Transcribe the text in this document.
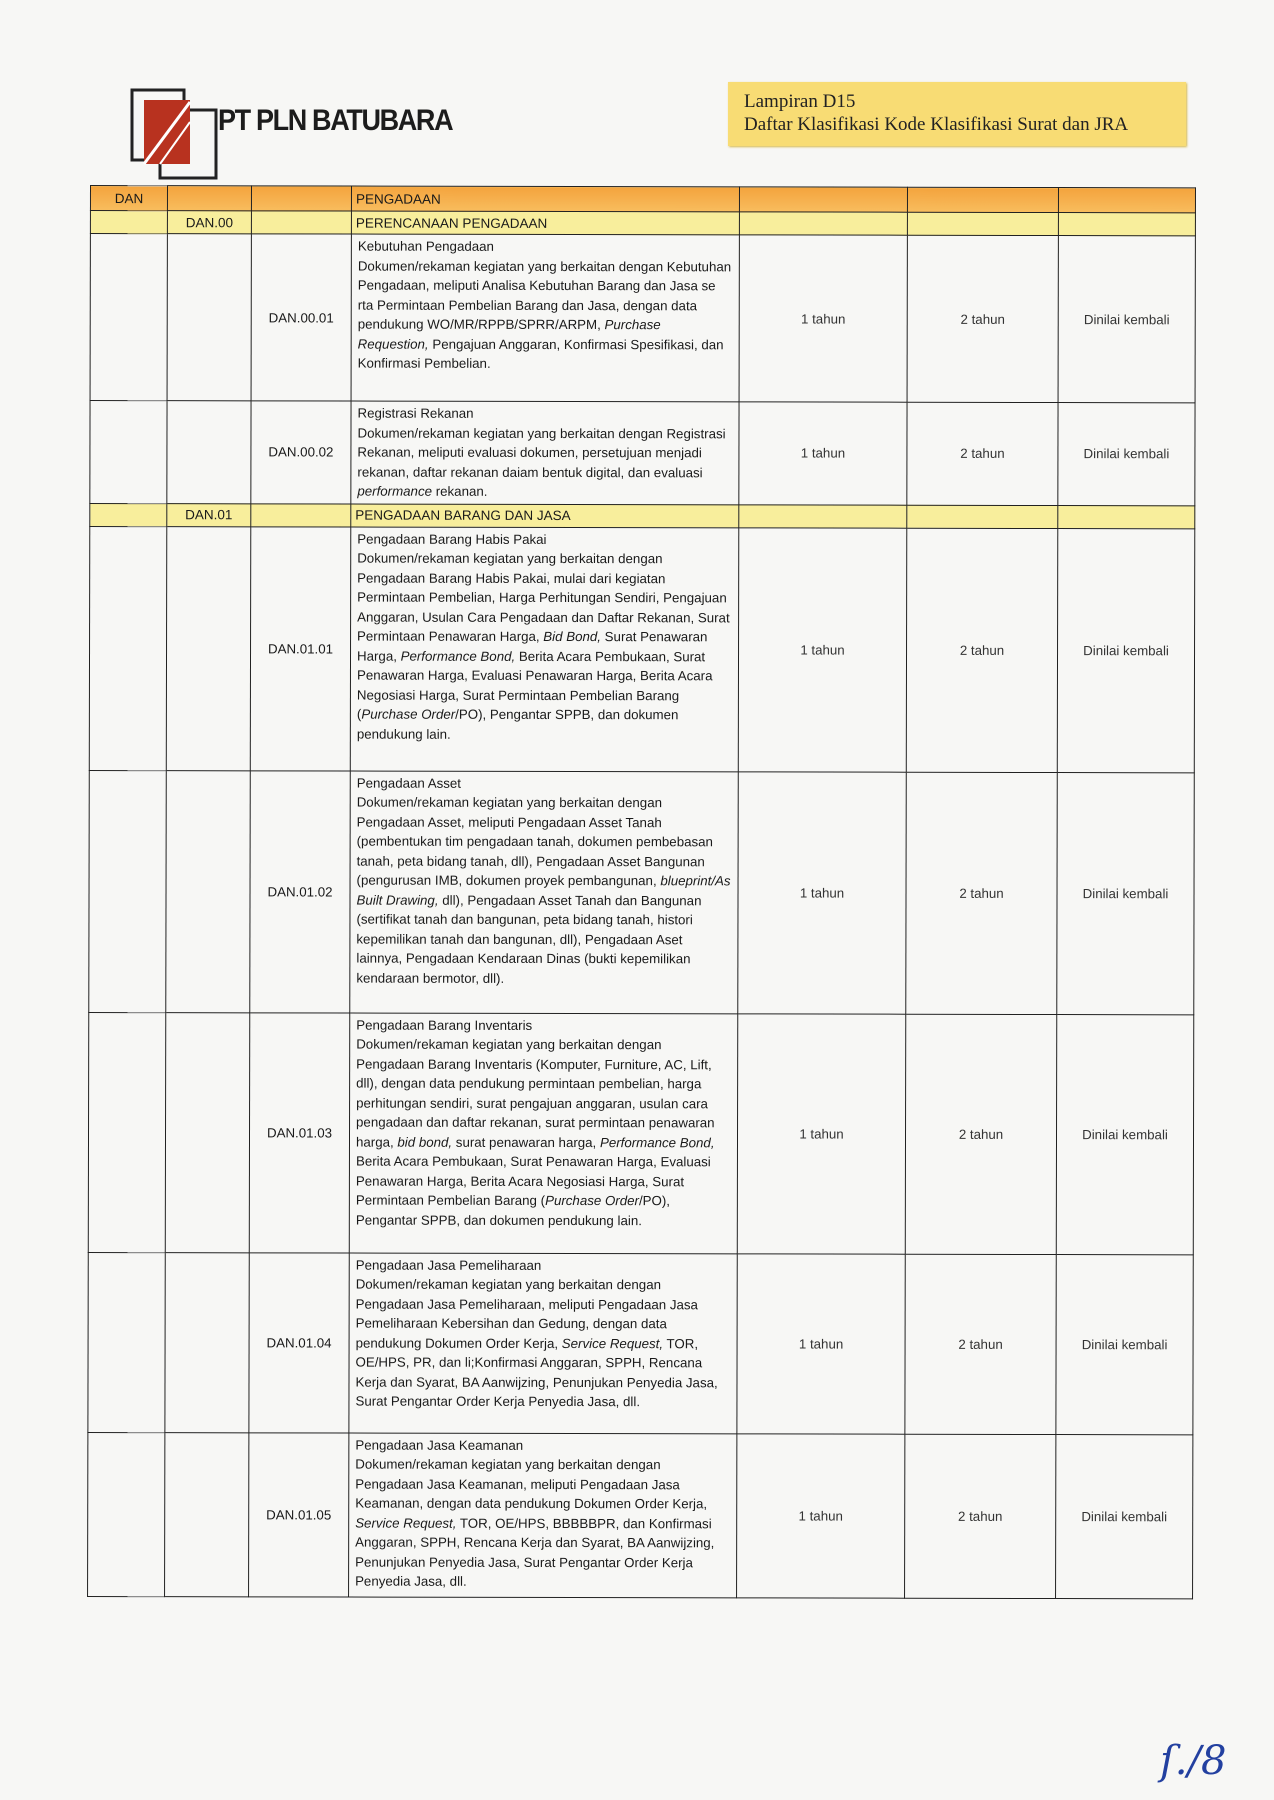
PT PLN BATUBARA
Lampiran D15
Daftar Klasifikasi Kode Klasifikasi Surat dan JRA
DAN			PENGADAAN			
	DAN.00		PERENCANAAN PENGADAAN			
		DAN.00.01	Kebutuhan Pengadaan
Dokumen/rekaman kegiatan yang berkaitan dengan Kebutuhan Pengadaan, meliputi Analisa Kebutuhan Barang dan Jasa se rta Permintaan Pembelian Barang dan Jasa, dengan data pendukung WO/MR/RPPB/SPRR/ARPM, Purchase Requestion, Pengajuan Anggaran, Konfirmasi Spesifikasi, dan Konfirmasi Pembelian.	1 tahun	2 tahun	Dinilai kembali
		DAN.00.02	Registrasi Rekanan
Dokumen/rekaman kegiatan yang berkaitan dengan Registrasi Rekanan, meliputi evaluasi dokumen, persetujuan menjadi rekanan, daftar rekanan daiam bentuk digital, dan evaluasi performance rekanan.	1 tahun	2 tahun	Dinilai kembali
	DAN.01		PENGADAAN BARANG DAN JASA			
		DAN.01.01	Pengadaan Barang Habis Pakai
Dokumen/rekaman kegiatan yang berkaitan dengan Pengadaan Barang Habis Pakai, mulai dari kegiatan Permintaan Pembelian, Harga Perhitungan Sendiri, Pengajuan Anggaran, Usulan Cara Pengadaan dan Daftar Rekanan, Surat Permintaan Penawaran Harga, Bid Bond, Surat Penawaran Harga, Performance Bond, Berita Acara Pembukaan, Surat Penawaran Harga, Evaluasi Penawaran Harga, Berita Acara Negosiasi Harga, Surat Permintaan Pembelian Barang (Purchase Order/PO), Pengantar SPPB, dan dokumen pendukung lain.	1 tahun	2 tahun	Dinilai kembali
		DAN.01.02	Pengadaan Asset
Dokumen/rekaman kegiatan yang berkaitan dengan Pengadaan Asset, meliputi Pengadaan Asset Tanah (pembentukan tim pengadaan tanah, dokumen pembebasan tanah, peta bidang tanah, dll), Pengadaan Asset Bangunan (pengurusan IMB, dokumen proyek pembangunan, blueprint/As Built Drawing, dll), Pengadaan Asset Tanah dan Bangunan (sertifikat tanah dan bangunan, peta bidang tanah, histori kepemilikan tanah dan bangunan, dll), Pengadaan Aset lainnya, Pengadaan Kendaraan Dinas (bukti kepemilikan kendaraan bermotor, dll).	1 tahun	2 tahun	Dinilai kembali
		DAN.01.03	Pengadaan Barang Inventaris
Dokumen/rekaman kegiatan yang berkaitan dengan Pengadaan Barang Inventaris (Komputer, Furniture, AC, Lift, dll), dengan data pendukung permintaan pembelian, harga perhitungan sendiri, surat pengajuan anggaran, usulan cara pengadaan dan daftar rekanan, surat permintaan penawaran harga, bid bond, surat penawaran harga, Performance Bond, Berita Acara Pembukaan, Surat Penawaran Harga, Evaluasi Penawaran Harga, Berita Acara Negosiasi Harga, Surat Permintaan Pembelian Barang (Purchase Order/PO), Pengantar SPPB, dan dokumen pendukung lain.	1 tahun	2 tahun	Dinilai kembali
		DAN.01.04	Pengadaan Jasa Pemeliharaan
Dokumen/rekaman kegiatan yang berkaitan dengan Pengadaan Jasa Pemeliharaan, meliputi Pengadaan Jasa Pemeliharaan Kebersihan dan Gedung, dengan data pendukung Dokumen Order Kerja, Service Request, TOR, OE/HPS, PR, dan li;Konfirmasi Anggaran, SPPH, Rencana Kerja dan Syarat, BA Aanwijzing, Penunjukan Penyedia Jasa, Surat Pengantar Order Kerja Penyedia Jasa, dll.	1 tahun	2 tahun	Dinilai kembali
		DAN.01.05	Pengadaan Jasa Keamanan
Dokumen/rekaman kegiatan yang berkaitan dengan Pengadaan Jasa Keamanan, meliputi Pengadaan Jasa Keamanan, dengan data pendukung Dokumen Order Kerja, Service Request, TOR, OE/HPS, BBBBBPR, dan Konfirmasi Anggaran, SPPH, Rencana Kerja dan Syarat, BA Aanwijzing, Penunjukan Penyedia Jasa, Surat Pengantar Order Kerja Penyedia Jasa, dll.	1 tahun	2 tahun	Dinilai kembali
ſ.∕8
